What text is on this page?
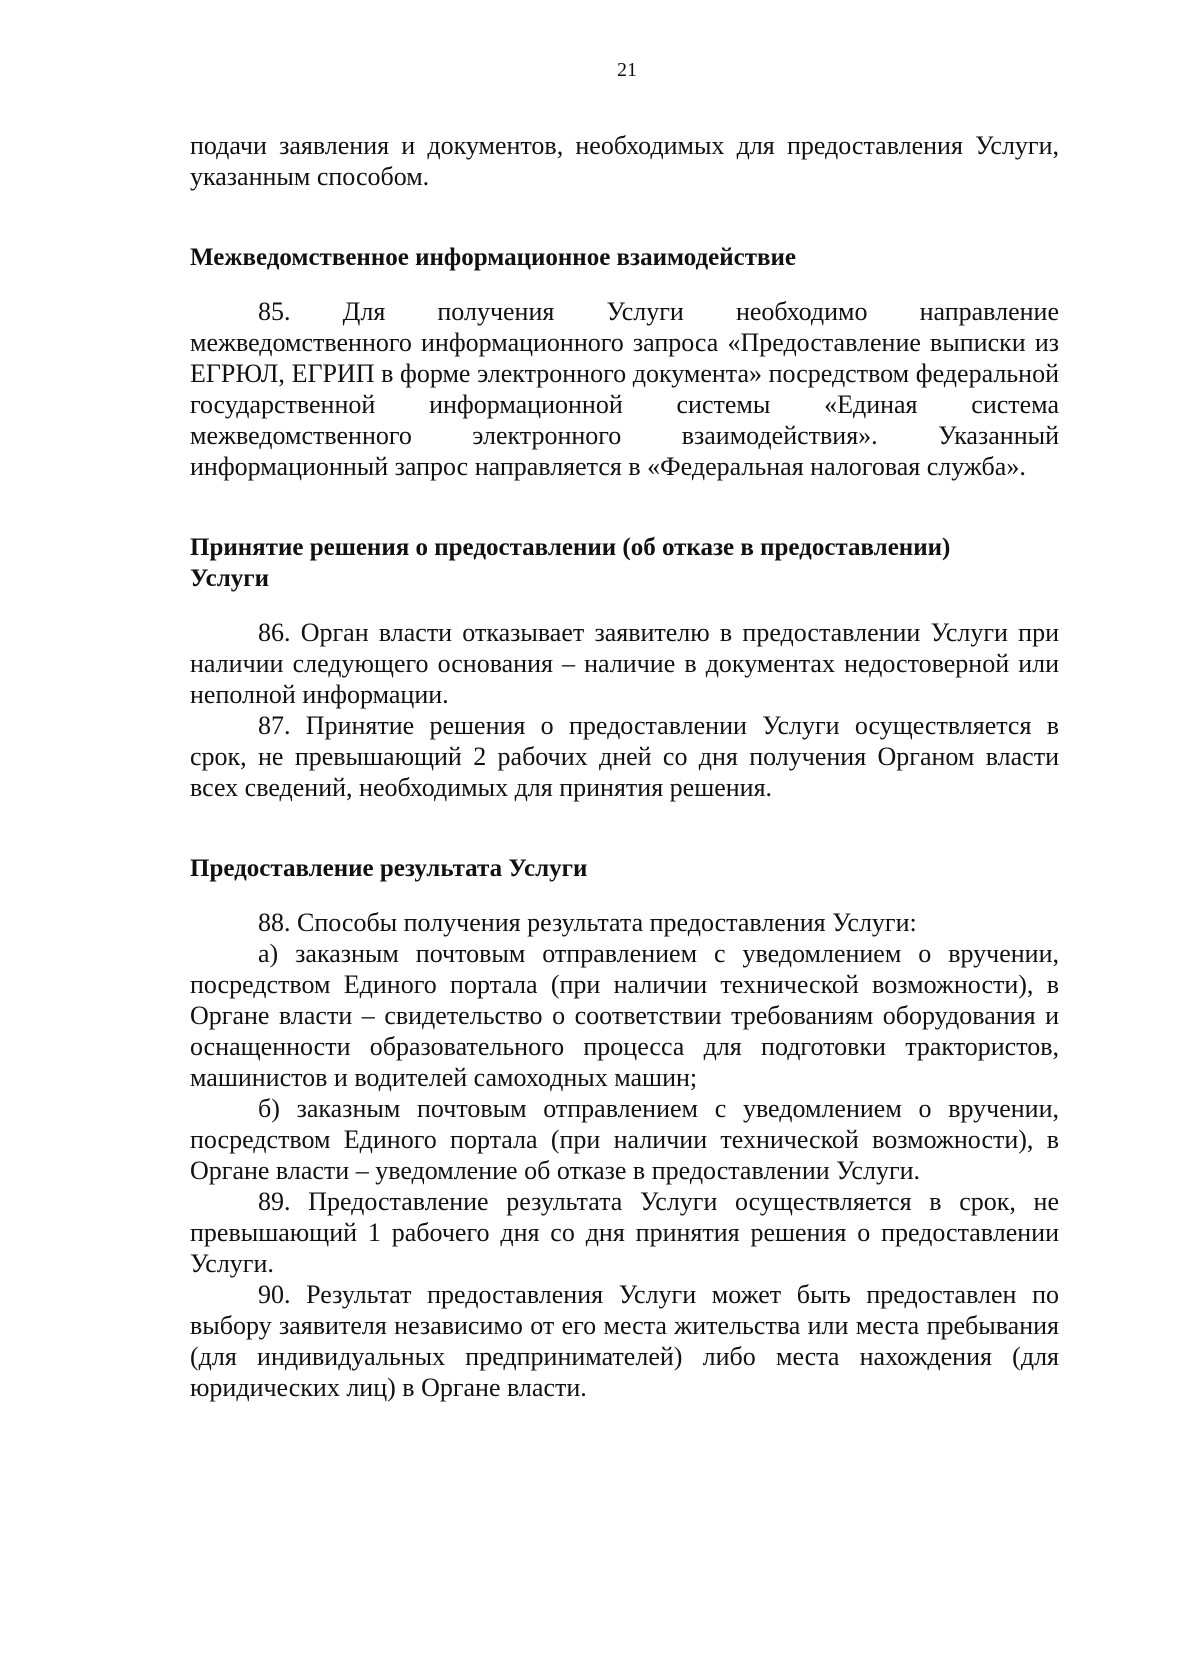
21

подачи заявления и документов, необходимых для предоставления Услуги,

указанным способом.

Межведомственное информационное взаимодействие

85. Для получения Услуги необходимо направление межведомственного информационного запроса «Предоставление выписки из ЕГРЮЛ, ЕГРИП в форме электронного документа» посредством федеральной государственной информационной системы «Единая система межведомственного электронного взаимодействия». Указанный информационный запрос направляется в «Федеральная налоговая служба».

Принятие решения о предоставлении (об отказе в предоставлении)

Услуги

86. Орган власти отказывает заявителю в предоставлении Услуги при наличии следующего основания – наличие в документах недостоверной или неполной информации.

87. Принятие решения о предоставлении Услуги осуществляется в срок, не превышающий 2 рабочих дней со дня получения Органом власти всех сведений, необходимых для принятия решения.

Предоставление результата Услуги

88. Способы получения результата предоставления Услуги:

а) заказным почтовым отправлением с уведомлением о вручении, посредством Единого портала (при наличии технической возможности), в Органе власти – свидетельство о соответствии требованиям оборудования и оснащенности образовательного процесса для подготовки трактористов, машинистов и водителей самоходных машин;

б) заказным почтовым отправлением с уведомлением о вручении, посредством Единого портала (при наличии технической возможности), в Органе власти – уведомление об отказе в предоставлении Услуги.

89. Предоставление результата Услуги осуществляется в срок, не превышающий 1 рабочего дня со дня принятия решения о предоставлении Услуги.

90. Результат предоставления Услуги может быть предоставлен по выбору заявителя независимо от его места жительства или места пребывания (для индивидуальных предпринимателей) либо места нахождения (для юридических лиц) в Органе власти.
